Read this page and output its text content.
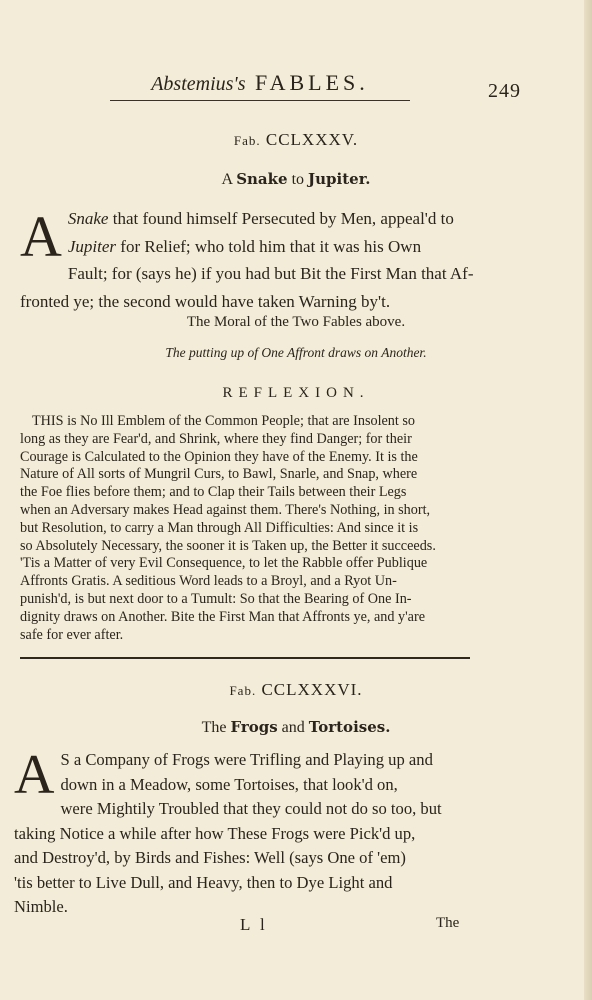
Abstemius's FABLES.	249
Fab. CCLXXXV.
A Snake to Jupiter.
A Snake that found himself Persecuted by Men, appeal'd to
Jupiter for Relief; who told him that it was his Own
Fault; for (says he) if you had but Bit the First Man that Af-
fronted ye; the second would have taken Warning by't.
The Moral of the Two Fables above.
The putting up of One Affront draws on Another.
REFLEXION.
THIS is No Ill Emblem of the Common People; that are Insolent so
long as they are Fear'd, and Shrink, where they find Danger; for their
Courage is Calculated to the Opinion they have of the Enemy. It is the
Nature of All sorts of Mungril Curs, to Bawl, Snarle, and Snap, where
the Foe flies before them; and to Clap their Tails between their Legs
when an Adversary makes Head against them. There's Nothing, in short,
but Resolution, to carry a Man through All Difficulties: And since it is
so Absolutely Necessary, the sooner it is Taken up, the Better it succeeds.
'Tis a Matter of very Evil Consequence, to let the Rabble offer Publique
Affronts Gratis. A seditious Word leads to a Broyl, and a Ryot Un-
punish'd, is but next door to a Tumult: So that the Bearing of One In-
dignity draws on Another. Bite the First Man that Affronts ye, and y'are
safe for ever after.
Fab. CCLXXXVI.
The Frogs and Tortoises.
A S a Company of Frogs were Trifling and Playing up and
down in a Meadow, some Tortoises, that look'd on,
were Mightily Troubled that they could not do so too, but
taking Notice a while after how These Frogs were Pick'd up,
and Destroy'd, by Birds and Fishes: Well (says One of 'em)
'tis better to Live Dull, and Heavy, then to Dye Light and
Nimble.
L l	The
